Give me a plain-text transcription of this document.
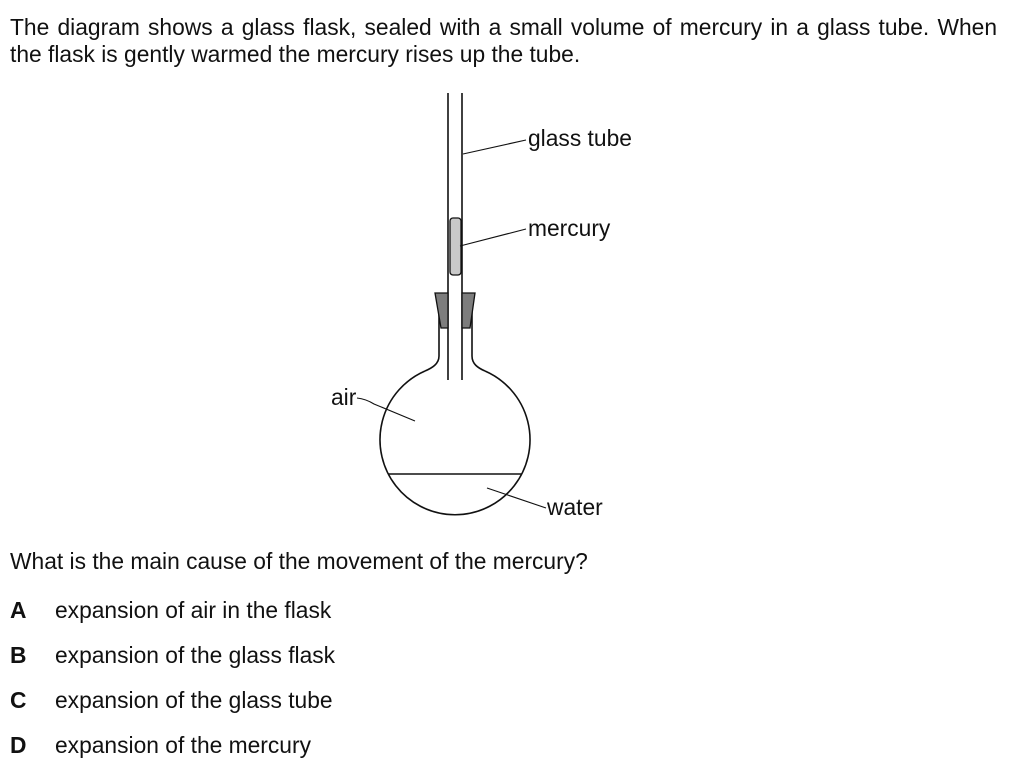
The diagram shows a glass flask, sealed with a small volume of mercury in a glass tube. When

the flask is gently warmed the mercury rises up the tube.

glass tube
mercury
air
water

What is the main cause of the movement of the mercury?

A expansion of air in the flask
B expansion of the glass flask
C expansion of the glass tube
D expansion of the mercury
